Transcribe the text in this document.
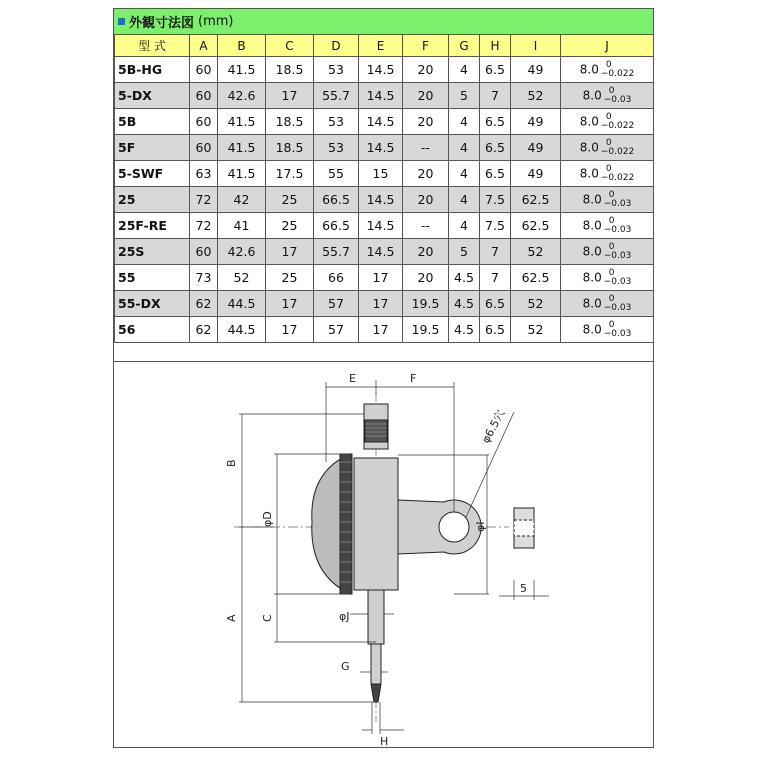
外観寸法図 (mm)
型 式	A	B	C	D	E	F	G	H	I	J
5B-HG	60	41.5	18.5	53	14.5	20	4	6.5	49	8.0 0
−0.022

5-DX	60	42.6	17	55.7	14.5	20	5	7	52	8.0 0
−0.03

5B	60	41.5	18.5	53	14.5	20	4	6.5	49	8.0 0
−0.022

5F	60	41.5	18.5	53	14.5	--	4	6.5	49	8.0 0
−0.022

5-SWF	63	41.5	17.5	55	15	20	4	6.5	49	8.0 0
−0.022

25	72	42	25	66.5	14.5	20	4	7.5	62.5	8.0 0
−0.03

25F-RE	72	41	25	66.5	14.5	--	4	7.5	62.5	8.0 0
−0.03

25S	60	42.6	17	55.7	14.5	20	5	7	52	8.0 0
−0.03

55	73	52	25	66	17	20	4.5	7	62.5	8.0 0
−0.03

55-DX	62	44.5	17	57	17	19.5	4.5	6.5	52	8.0 0
−0.03

56	62	44.5	17	57	17	19.5	4.5	6.5	52	8.0 0
−0.03
E	F
B
A
φD
C
φI
φJ
G
H
φ6.5穴
5
